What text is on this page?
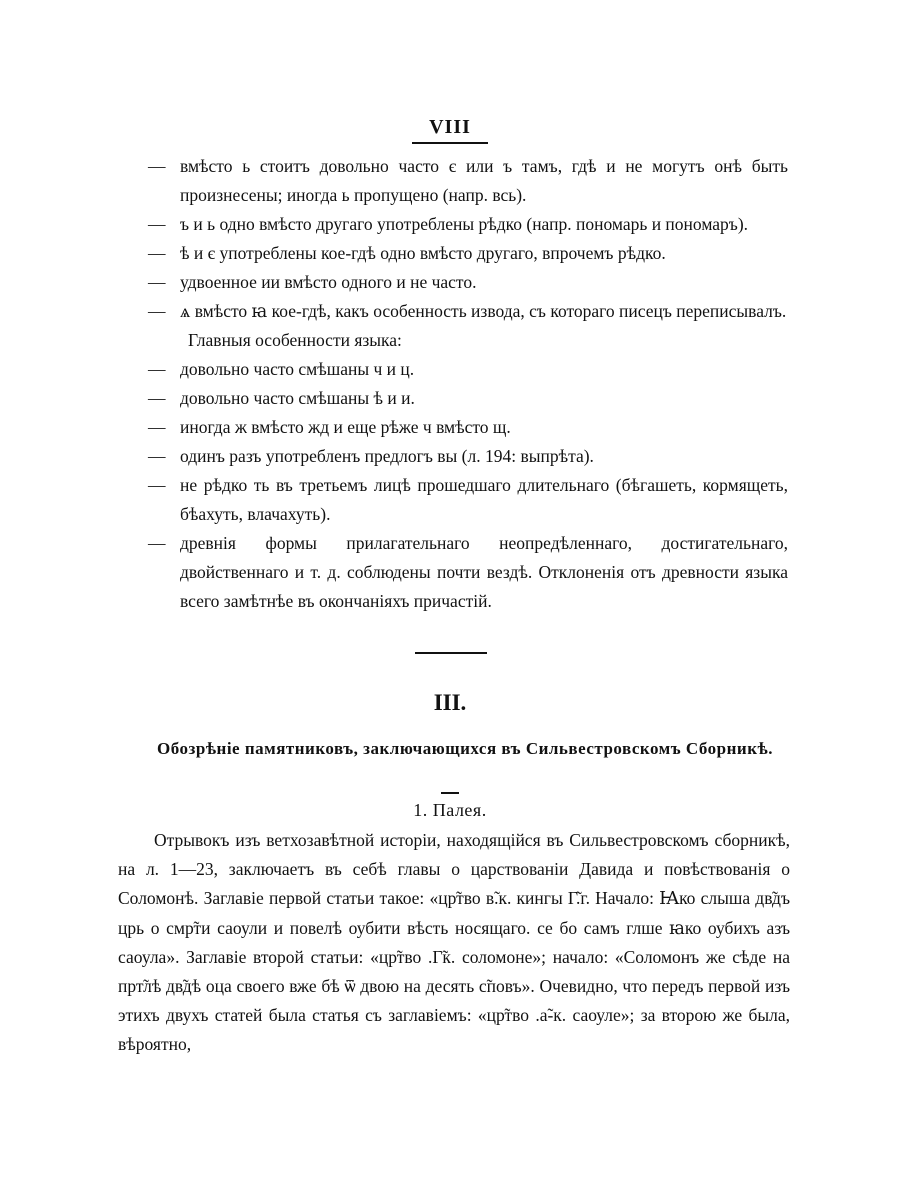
VIII
— вмѣсто ь стоитъ довольно часто є или ъ тамъ, гдѣ и не могутъ онѣ быть произнесены; иногда ь пропущено (напр. всь).
— ъ и ь одно вмѣсто другаго употреблены рѣдко (напр. пономарь и пономаръ).
— ѣ и є употреблены кое-гдѣ одно вмѣсто другаго, впрочемъ рѣдко.
— удвоенное ии вмѣсто одного и не часто.
— ѧ вмѣсто ꙗ кое-гдѣ, какъ особенность извода, съ котораго писецъ переписывалъ.
Главныя особенности языка:
— довольно часто смѣшаны ч и ц.
— довольно часто смѣшаны ѣ и и.
— иногда ж вмѣсто жд и еще рѣже ч вмѣсто щ.
— одинъ разъ употребленъ предлогъ вы (л. 194: выпрѣта).
— не рѣдко ть въ третьемъ лицѣ прошедшаго длительнаго (бѣгашеть, кормящеть, бѣахуть, влачахуть).
— древнія формы прилагательнаго неопредѣленнаго, достигательнаго, двойственнаго и т. д. соблюдены почти вездѣ. Отклоненія отъ древности языка всего замѣтнѣе въ окончаніяхъ причастій.
III.
Обозрѣніе памятниковъ, заключающихся въ Сильвестровскомъ Сборникѣ.
1. Палея.
Отрывокъ изъ ветхозавѣтной исторіи, находящійся въ Сильвестровскомъ сборникѣ, на л. 1—23, заключаетъ въ себѣ главы о царствованіи Давида и повѣствованія о Соломонѣ. Заглавіе первой статьи такое: «цр̃тво в̃.к. кингы Г̃.г. Начало: Ꙗко слыша дв̃дъ црь о смр̃ти саоули и повелѣ оубити вѣсть носящаго. се бо самъ глше ꙗко оубихъ азъ саоула». Заглавіе второй статьи: «цр̃тво .Г̃к. соломоне»; начало: «Соломонъ же сѣде на прт̃лѣ дв̃дѣ оца своего вже бѣ ѿ двою на десять с̃повъ». Очевидно, что передъ первой изъ этихъ двухъ статей была статья съ заглавіемъ: «цр̃тво .а̃-к. саоуле»; за второю же была, вѣроятно,
